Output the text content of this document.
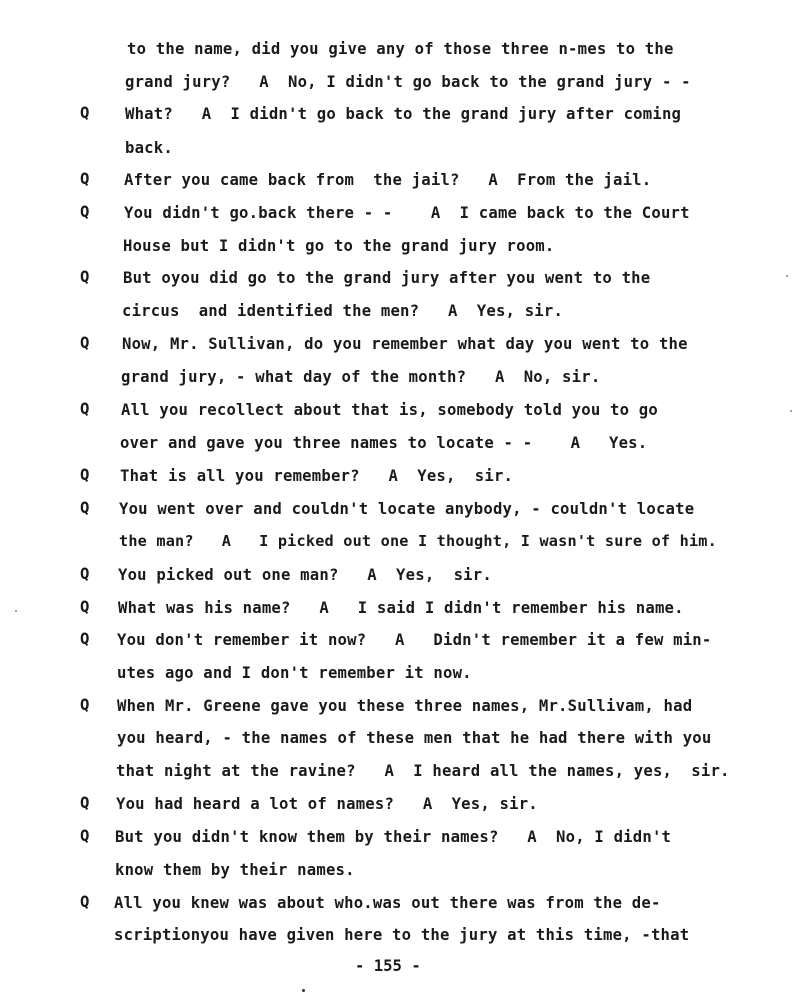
Q
Q
Q
Q
Q
Q
Q
Q
Q
Q
Q
Q
Q
Q
Q
to the name, did you give any of those three n-mes to the
grand jury?   A  No, I didn't go back to the grand jury - -
What?   A  I didn't go back to the grand jury after coming
back.
After you came back from  the jail?   A  From the jail.
You didn't go.back there - -    A  I came back to the Court
House but I didn't go to the grand jury room.
But oyou did go to the grand jury after you went to the
circus  and identified the men?   A  Yes, sir.
Now, Mr. Sullivan, do you remember what day you went to the
grand jury, - what day of the month?   A  No, sir.
All you recollect about that is, somebody told you to go
over and gave you three names to locate - -    A   Yes.
That is all you remember?   A  Yes,  sir.
You went over and couldn't locate anybody, - couldn't locate
the man?   A   I picked out one I thought, I wasn't sure of him.
You picked out one man?   A  Yes,  sir.
What was his name?   A   I said I didn't remember his name.
You don't remember it now?   A   Didn't remember it a few min-
utes ago and I don't remember it now.
When Mr. Greene gave you these three names, Mr.Sullivam, had
you heard, - the names of these men that he had there with you
that night at the ravine?   A  I heard all the names, yes,  sir.
You had heard a lot of names?   A  Yes, sir.
But you didn't know them by their names?   A  No, I didn't
know them by their names.
All you knew was about who.was out there was from the de-
scriptionyou have given here to the jury at this time, -that
- 155 -
